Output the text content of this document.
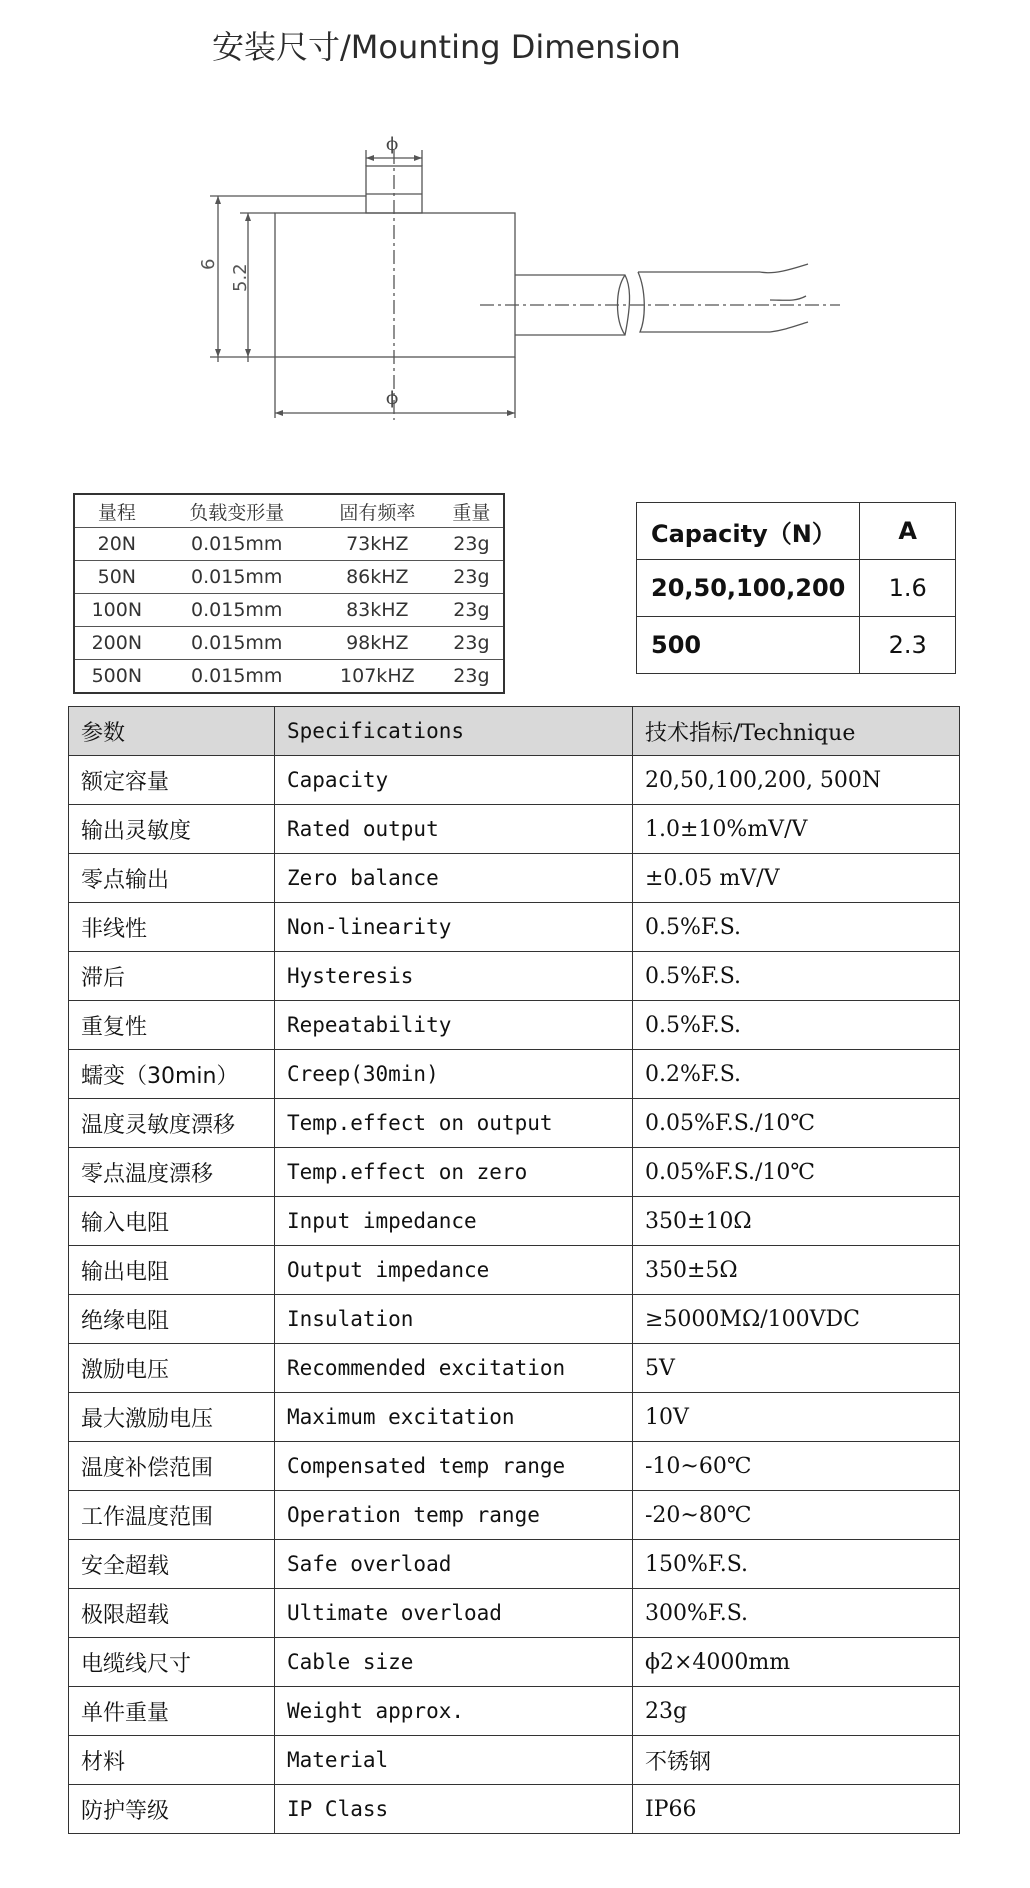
安装尺寸/Mounting Dimension
ϕ
ϕ
6 5.2
量程	负载变形量	固有频率	重量
20N	0.015mm	73kHZ	23g
50N	0.015mm	86kHZ	23g
100N	0.015mm	83kHZ	23g
200N	0.015mm	98kHZ	23g
500N	0.015mm	107kHZ	23g
Capacity（N）	A
20,50,100,200	1.6
500	2.3
参数	Specifications	技术指标/Technique
额定容量	Capacity	20,50,100,200, 500N
输出灵敏度	Rated output	1.0±10%mV/V
零点输出	Zero balance	±0.05 mV/V
非线性	Non-linearity	0.5%F.S.
滞后	Hysteresis	0.5%F.S.
重复性	Repeatability	0.5%F.S.
蠕变（30min）	Creep(30min)	0.2%F.S.
温度灵敏度漂移	Temp.effect on output	0.05%F.S./10℃
零点温度漂移	Temp.effect on zero	0.05%F.S./10℃
输入电阻	Input impedance	350±10Ω
输出电阻	Output impedance	350±5Ω
绝缘电阻	Insulation	≥5000MΩ/100VDC
激励电压	Recommended excitation	5V
最大激励电压	Maximum excitation	10V
温度补偿范围	Compensated temp range	-10~60℃
工作温度范围	Operation temp range	-20~80℃
安全超载	Safe overload	150%F.S.
极限超载	Ultimate overload	300%F.S.
电缆线尺寸	Cable size	ϕ2×4000mm
单件重量	Weight approx.	23g
材料	Material	不锈钢
防护等级	IP Class	IP66
